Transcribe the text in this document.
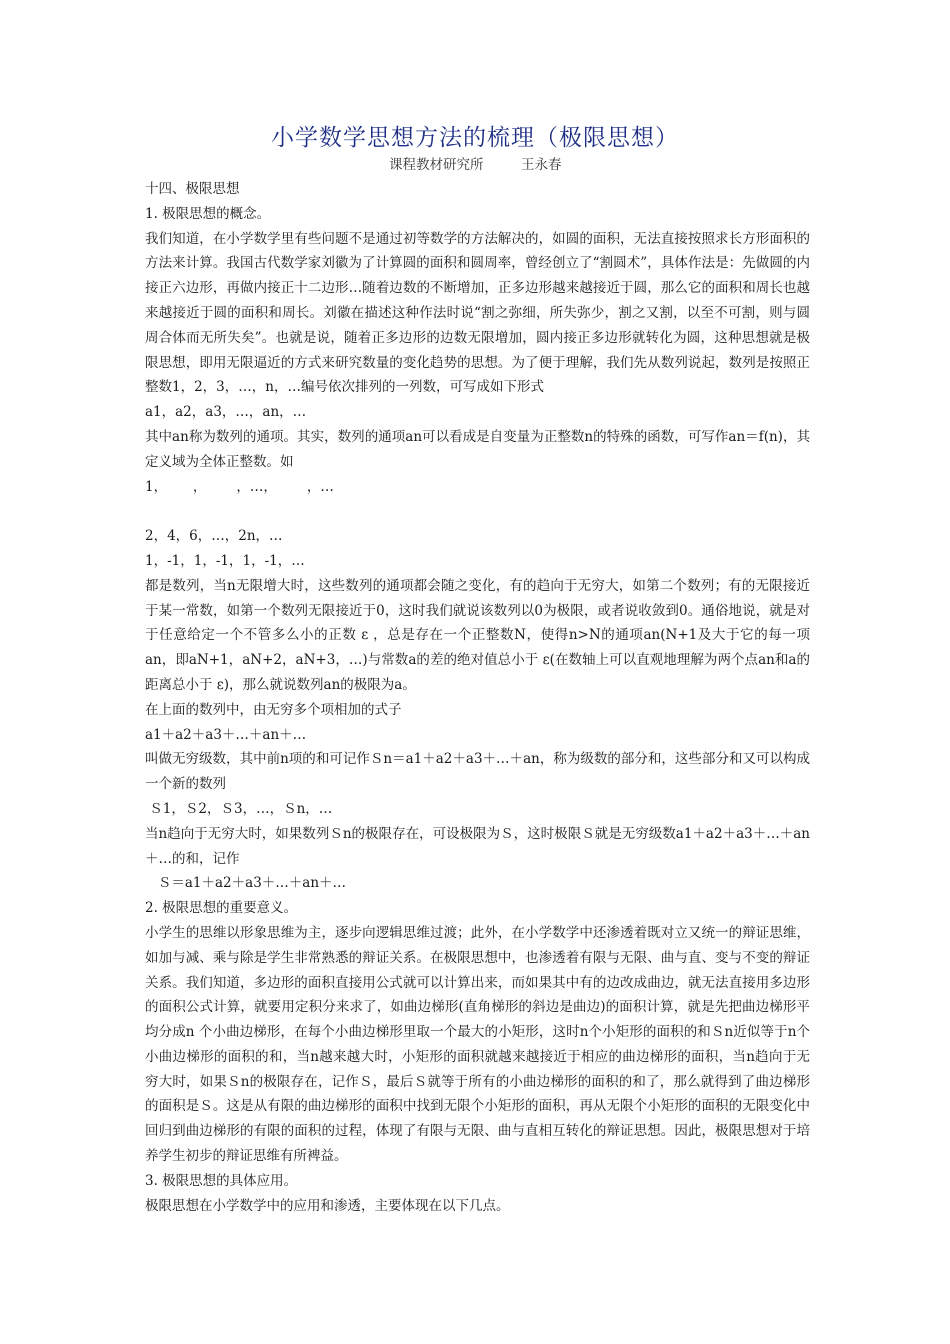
小学数学思想方法的梳理（极限思想）
课程教材研究所	王永春

十四、极限思想

1. 极限思想的概念。

我们知道，在小学数学里有些问题不是通过初等数学的方法解决的，如圆的面积，无法直接按照求长方形面积的方法来计算。我国古代数学家刘徽为了计算圆的面积和圆周率，曾经创立了“割圆术”，具体作法是：先做圆的内接正六边形，再做内接正十二边形…随着边数的不断增加，正多边形越来越接近于圆，那么它的面积和周长也越来越接近于圆的面积和周长。刘徽在描述这种作法时说“割之弥细，所失弥少，割之又割，以至不可割，则与圆周合体而无所失矣”。也就是说，随着正多边形的边数无限增加，圆内接正多边形就转化为圆，这种思想就是极限思想，即用无限逼近的方式来研究数量的变化趋势的思想。为了便于理解，我们先从数列说起，数列是按照正整数1，2，3，…，n，…编号依次排列的一列数，可写成如下形式

a1，a2，a3，…，an，…

其中an称为数列的通项。其实，数列的通项an可以看成是自变量为正整数n的特殊的函数，可写作an＝f(n)，其定义域为全体正整数。如

1，      ，       ，…，       ，…

2，4，6，…，2n，…

1，-1，1，-1，1，-1，…

都是数列，当n无限增大时，这些数列的通项都会随之变化，有的趋向于无穷大，如第二个数列；有的无限接近于某一常数，如第一个数列无限接近于0，这时我们就说该数列以0为极限，或者说收敛到0。通俗地说，就是对于任意给定一个不管多么小的正数 ε ，总是存在一个正整数N，使得n>N的通项an(N+1及大于它的每一项an，即aN+1，aN+2，aN+3，…)与常数a的差的绝对值总小于 ε(在数轴上可以直观地理解为两个点an和a的距离总小于 ε)，那么就说数列an的极限为a。

在上面的数列中，由无穷多个项相加的式子

a1＋a2＋a3＋…＋an＋…

叫做无穷级数，其中前n项的和可记作Ｓn＝a1＋a2＋a3＋…＋an，称为级数的部分和，这些部分和又可以构成一个新的数列

Ｓ1，Ｓ2，Ｓ3，…，Ｓn，…

当n趋向于无穷大时，如果数列Ｓn的极限存在，可设极限为Ｓ，这时极限Ｓ就是无穷级数a1＋a2＋a3＋…＋an＋…的和，记作

Ｓ＝a1＋a2＋a3＋…＋an＋…

2. 极限思想的重要意义。

小学生的思维以形象思维为主，逐步向逻辑思维过渡；此外，在小学数学中还渗透着既对立又统一的辩证思维，如加与减、乘与除是学生非常熟悉的辩证关系。在极限思想中，也渗透着有限与无限、曲与直、变与不变的辩证关系。我们知道，多边形的面积直接用公式就可以计算出来，而如果其中有的边改成曲边，就无法直接用多边形的面积公式计算，就要用定积分来求了，如曲边梯形(直角梯形的斜边是曲边)的面积计算，就是先把曲边梯形平均分成n 个小曲边梯形，在每个小曲边梯形里取一个最大的小矩形，这时n个小矩形的面积的和Ｓn近似等于n个小曲边梯形的面积的和，当n越来越大时，小矩形的面积就越来越接近于相应的曲边梯形的面积，当n趋向于无穷大时，如果Ｓn的极限存在，记作Ｓ，最后Ｓ就等于所有的小曲边梯形的面积的和了，那么就得到了曲边梯形的面积是Ｓ。这是从有限的曲边梯形的面积中找到无限个小矩形的面积，再从无限个小矩形的面积的无限变化中回归到曲边梯形的有限的面积的过程，体现了有限与无限、曲与直相互转化的辩证思想。因此，极限思想对于培养学生初步的辩证思维有所裨益。

3. 极限思想的具体应用。

极限思想在小学数学中的应用和渗透，主要体现在以下几点。
